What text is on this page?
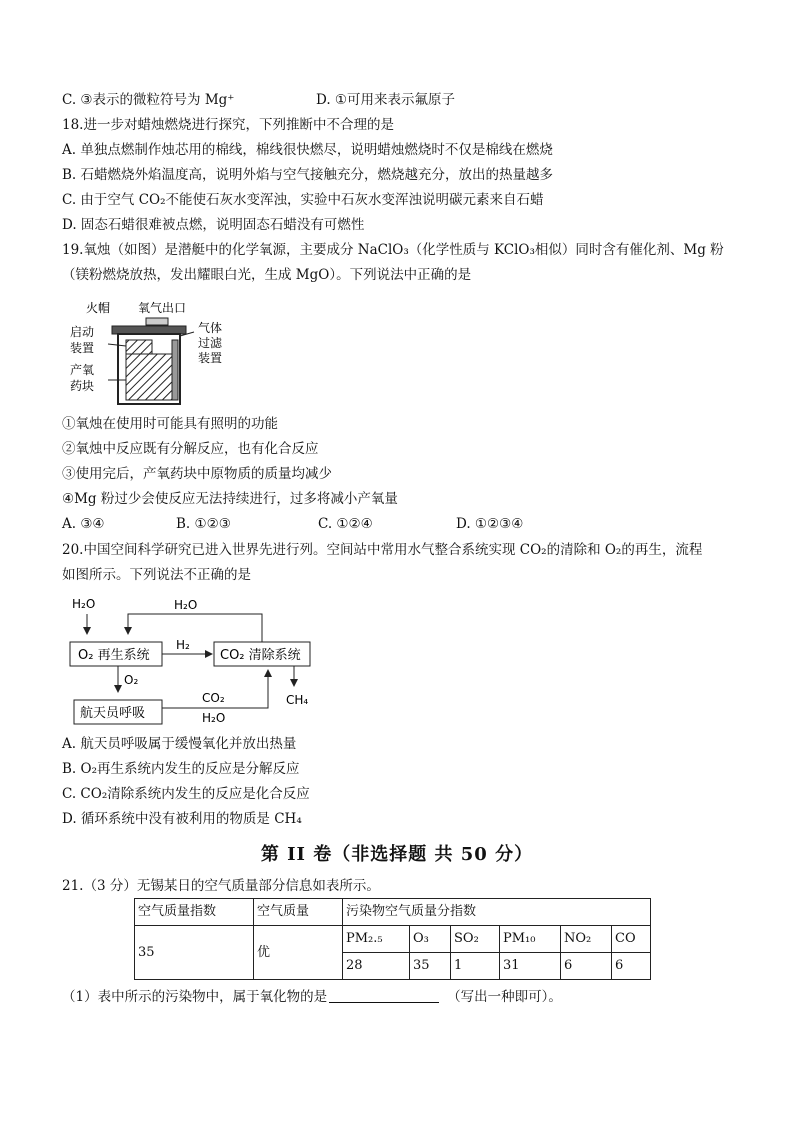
C. ③表示的微粒符号为 Mg⁺	D. ①可用来表示氟原子
18.进一步对蜡烛燃烧进行探究，下列推断中不合理的是
A. 单独点燃制作烛芯用的棉线，棉线很快燃尽，说明蜡烛燃烧时不仅是棉线在燃烧
B. 石蜡燃烧外焰温度高，说明外焰与空气接触充分，燃烧越充分，放出的热量越多
C. 由于空气 CO₂不能使石灰水变浑浊，实验中石灰水变浑浊说明碳元素来自石蜡
D. 固态石蜡很难被点燃，说明固态石蜡没有可燃性
19.氧烛（如图）是潜艇中的化学氧源，主要成分 NaClO₃（化学性质与 KClO₃相似）同时含有催化剂、Mg 粉
（镁粉燃烧放热，发出耀眼白光，生成 MgO）。下列说法中正确的是
火帽 氧气出口
启动
装置
产氧
药块
气体
过滤
装置
①氧烛在使用时可能具有照明的功能
②氧烛中反应既有分解反应，也有化合反应
③使用完后，产氧药块中原物质的质量均减少
④Mg 粉过少会使反应无法持续进行，过多将减小产氧量
A. ③④	B. ①②③	C. ①②④	D. ①②③④
20.中国空间科学研究已进入世界先进行列。空间站中常用水气整合系统实现 CO₂的清除和 O₂的再生，流程
如图所示。下列说法不正确的是
H₂O	H₂O
O₂ 再生系统
H₂
CO₂ 清除系统
O₂
CH₄
航天员呼吸
CO₂
H₂O
A. 航天员呼吸属于缓慢氧化并放出热量
B. O₂再生系统内发生的反应是分解反应
C. CO₂清除系统内发生的反应是化合反应
D. 循环系统中没有被利用的物质是 CH₄
第 II 卷（非选择题 共 50 分）
21.（3 分）无锡某日的空气质量部分信息如表所示。
空气质量指数	空气质量	污染物空气质量分指数					
35	优	PM₂.₅	O₃	SO₂	PM₁₀	NO₂	CO
		28	35	1	31	6	6
（1）表中所示的污染物中，属于氧化物的是	（写出一种即可）。
